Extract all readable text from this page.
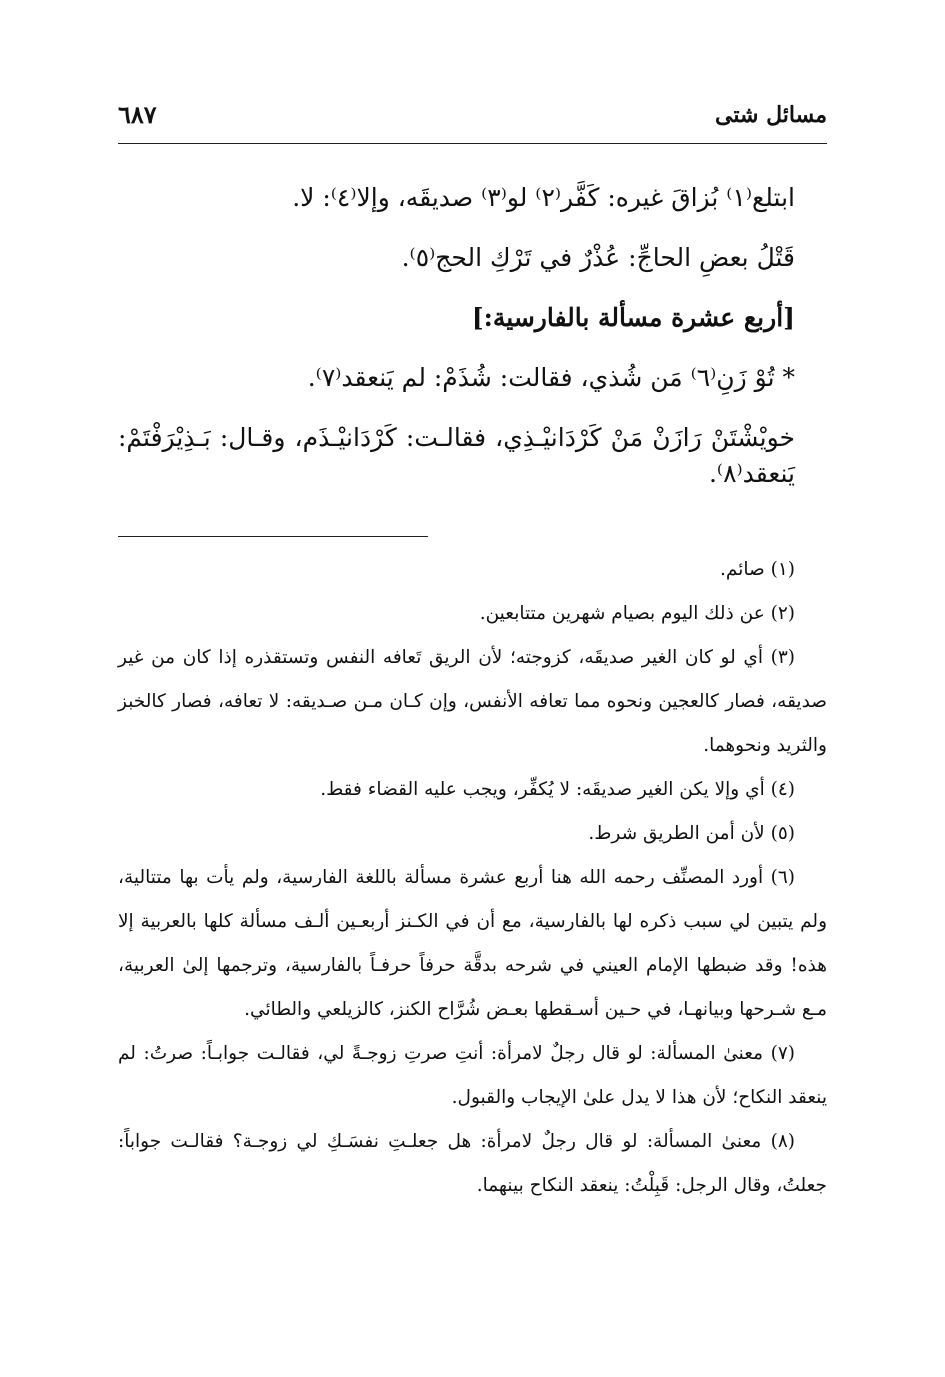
مسائل شتى
٦٨٧
ابتلع⁽١⁾ بُزاقَ غيره: كَفَّر⁽٢⁾ لو⁽٣⁾ صديقَه، وإلا⁽٤⁾: لا.
قَتْلُ بعضِ الحاجِّ: عُذْرٌ في تَرْكِ الحج⁽٥⁾.
[أربع عشرة مسألة بالفارسية:]
* تُوْ زَنِ⁽٦⁾ مَن شُذي، فقالت: شُذَمْ: لم يَنعقد⁽٧⁾.
خويْشْتَنْ رَازَنْ مَنْ كَرْدَانيْـذِي، فقالـت: كَرْدَانيْـذَم، وقـال: بَـذِيْرَفْتَمْ:
يَنعقد⁽٨⁾.
(١) صائم.
(٢) عن ذلك اليوم بصيام شهرين متتابعين.
(٣) أي لو كان الغير صديقَه، كزوجته؛ لأن الريق تَعافه النفس وتستقذره إذا كان من غير صديقه، فصار كالعجين ونحوه مما تعافه الأنفس، وإن كـان مـن صـديقه: لا تعافه، فصار كالخبز والثريد ونحوهما.
(٤) أي وإلا يكن الغير صديقَه: لا يُكفِّر، ويجب عليه القضاء فقط.
(٥) لأن أمن الطريق شرط.
(٦) أورد المصنِّف رحمه الله هنا أربع عشرة مسألة باللغة الفارسية، ولم يأت بها متتالية، ولم يتبين لي سبب ذكره لها بالفارسية، مع أن في الكـنز أربعـين ألـف مسألة كلها بالعربية إلا هذه! وقد ضبطها الإمام العيني في شرحه بدقَّة حرفاً حرفـاً بالفارسية، وترجمها إلىٰ العربية، مـع شـرحها وبيانهـا، في حـين أسـقطها بعـض شُرَّاح الكنز، كالزيلعي والطائي.
(٧) معنىٰ المسألة: لو قال رجلٌ لامرأة: أنتِ صرتِ زوجـةً لي، فقالـت جوابـاً: صرتُ: لم ينعقد النكاح؛ لأن هذا لا يدل علىٰ الإيجاب والقبول.
(٨) معنىٰ المسألة: لو قال رجلٌ لامرأة: هل جعلـتِ نفسَـكِ لي زوجـة؟ فقالـت جواباً: جعلتُ، وقال الرجل: قَبِلْتُ: ينعقد النكاح بينهما.
